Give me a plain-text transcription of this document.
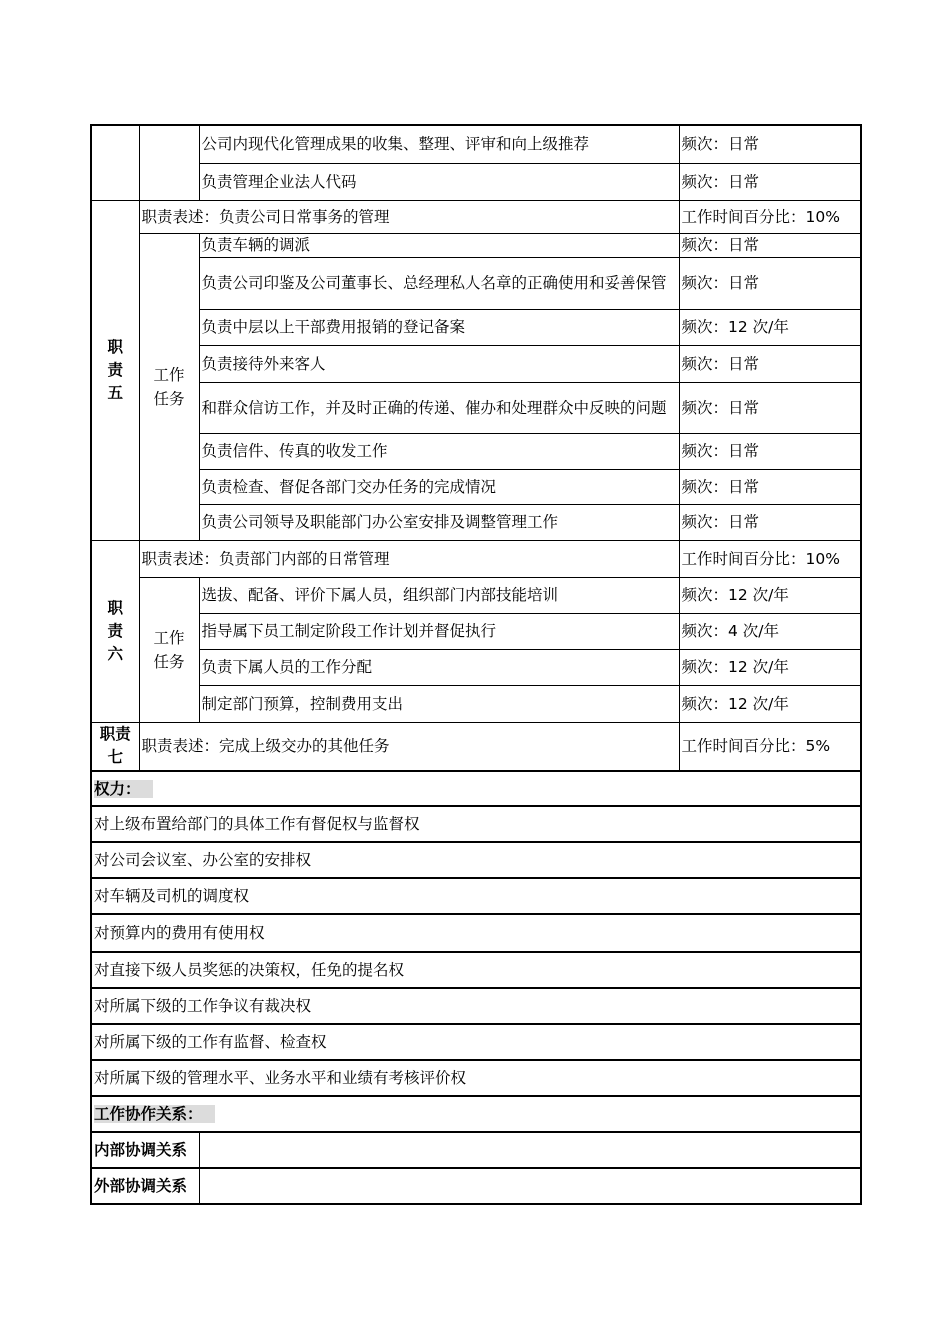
		公司内现代化管理成果的收集、整理、评审和向上级推荐	频次：日常
		负责管理企业法人代码	频次：日常
职
责
五	职责表述：负责公司日常事务的管理		工作时间百分比：10%
	工作
任务	负责车辆的调派	频次：日常
		负责公司印鉴及公司董事长、总经理私人名章的正确使用和妥善保管	频次：日常
		负责中层以上干部费用报销的登记备案	频次：12 次/年
		负责接待外来客人	频次：日常
		和群众信访工作，并及时正确的传递、催办和处理群众中反映的问题	频次：日常
		负责信件、传真的收发工作	频次：日常
		负责检查、督促各部门交办任务的完成情况	频次：日常
		负责公司领导及职能部门办公室安排及调整管理工作	频次：日常
职
责
六	职责表述：负责部门内部的日常管理		工作时间百分比：10%
	工作
任务	选拔、配备、评价下属人员，组织部门内部技能培训	频次：12 次/年
		指导属下员工制定阶段工作计划并督促执行	频次：4 次/年
		负责下属人员的工作分配	频次：12 次/年
		制定部门预算，控制费用支出	频次：12 次/年
职责
七	职责表述：完成上级交办的其他任务		工作时间百分比：5%
权力：			
对上级布置给部门的具体工作有督促权与监督权			
对公司会议室、办公室的安排权			
对车辆及司机的调度权			
对预算内的费用有使用权			
对直接下级人员奖惩的决策权，任免的提名权			
对所属下级的工作争议有裁决权			
对所属下级的工作有监督、检查权			
对所属下级的管理水平、业务水平和业绩有考核评价权			
工作协作关系：			
内部协调关系			
外部协调关系			
